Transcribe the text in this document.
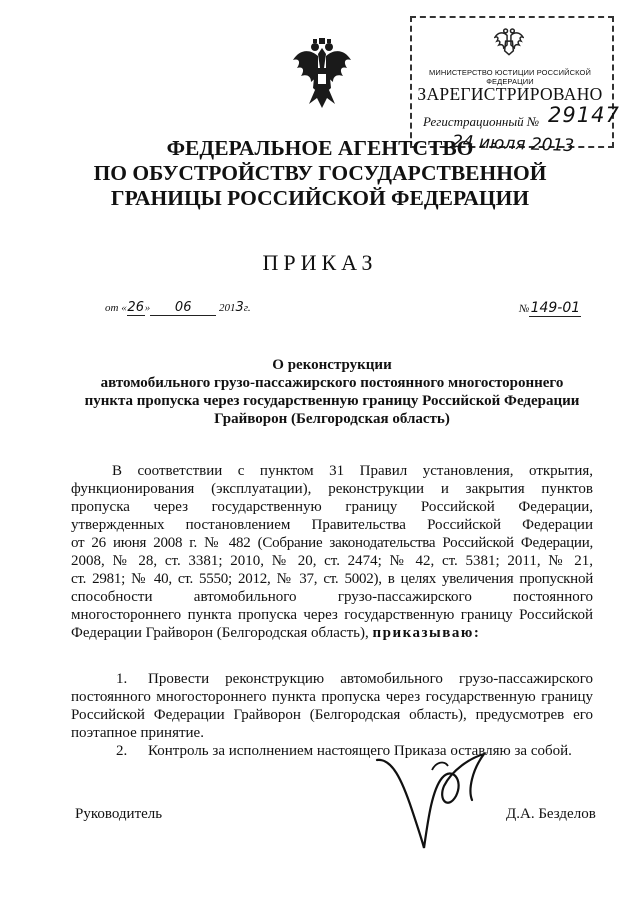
МИНИСТЕРСТВО ЮСТИЦИИ РОССИЙСКОЙ ФЕДЕРАЦИИ
ЗАРЕГИСТРИРОВАНО
Регистрационный № 29147
24 июля 2013
ФЕДЕРАЛЬНОЕ АГЕНТСТВО
ПО ОБУСТРОЙСТВУ ГОСУДАРСТВЕННОЙ
ГРАНИЦЫ РОССИЙСКОЙ ФЕДЕРАЦИИ
ПРИКАЗ
от «26» 06 2013г.	№149-01
О реконструкции
автомобильного грузо-пассажирского постоянного многостороннего
пункта пропуска через государственную границу Российской Федерации
Грайворон (Белгородская область)
В соответствии с пунктом 31 Правил установления, открытия,
функционирования (эксплуатации), реконструкции и закрытия пунктов
пропуска через государственную границу Российской Федерации,
утвержденных постановлением Правительства Российской Федерации
от 26 июня 2008 г. № 482 (Собрание законодательства Российской Федерации,
2008, № 28, ст. 3381; 2010, № 20, ст. 2474; № 42, ст. 5381; 2011, № 21,
ст. 2981; № 40, ст. 5550; 2012, № 37, ст. 5002), в целях увеличения пропускной
способности автомобильного грузо-пассажирского постоянного
многостороннего пункта пропуска через государственную границу Российской
Федерации Грайворон (Белгородская область), приказываю:
1. Провести реконструкцию автомобильного грузо-пассажирского
постоянного многостороннего пункта пропуска через государственную границу
Российской Федерации Грайворон (Белгородская область), предусмотрев его
поэтапное принятие.
2. Контроль за исполнением настоящего Приказа оставляю за собой.
Руководитель	Д.А. Безделов
